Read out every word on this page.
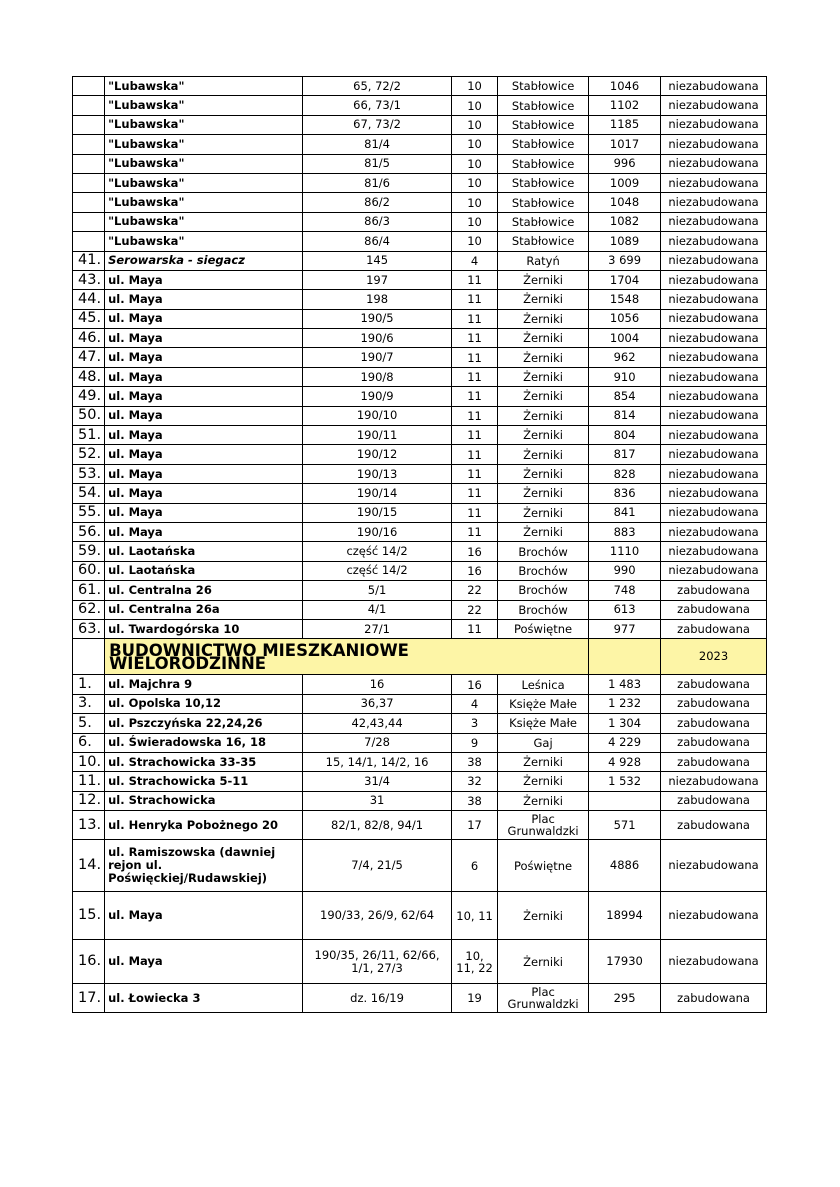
	"Lubawska"	65, 72/2	10	Stabłowice	1046	niezabudowana
	"Lubawska"	66, 73/1	10	Stabłowice	1102	niezabudowana
	"Lubawska"	67, 73/2	10	Stabłowice	1185	niezabudowana
	"Lubawska"	81/4	10	Stabłowice	1017	niezabudowana
	"Lubawska"	81/5	10	Stabłowice	996	niezabudowana
	"Lubawska"	81/6	10	Stabłowice	1009	niezabudowana
	"Lubawska"	86/2	10	Stabłowice	1048	niezabudowana
	"Lubawska"	86/3	10	Stabłowice	1082	niezabudowana
	"Lubawska"	86/4	10	Stabłowice	1089	niezabudowana
41.	Serowarska - siegacz	145	4	Ratyń	3 699	niezabudowana
43.	ul. Maya	197	11	Żerniki	1704	niezabudowana
44.	ul. Maya	198	11	Żerniki	1548	niezabudowana
45.	ul. Maya	190/5	11	Żerniki	1056	niezabudowana
46.	ul. Maya	190/6	11	Żerniki	1004	niezabudowana
47.	ul. Maya	190/7	11	Żerniki	962	niezabudowana
48.	ul. Maya	190/8	11	Żerniki	910	niezabudowana
49.	ul. Maya	190/9	11	Żerniki	854	niezabudowana
50.	ul. Maya	190/10	11	Żerniki	814	niezabudowana
51.	ul. Maya	190/11	11	Żerniki	804	niezabudowana
52.	ul. Maya	190/12	11	Żerniki	817	niezabudowana
53.	ul. Maya	190/13	11	Żerniki	828	niezabudowana
54.	ul. Maya	190/14	11	Żerniki	836	niezabudowana
55.	ul. Maya	190/15	11	Żerniki	841	niezabudowana
56.	ul. Maya	190/16	11	Żerniki	883	niezabudowana
59.	ul. Laotańska	część 14/2	16	Brochów	1110	niezabudowana
60.	ul. Laotańska	część 14/2	16	Brochów	990	niezabudowana
61.	ul. Centralna 26	5/1	22	Brochów	748	zabudowana
62.	ul. Centralna 26a	4/1	22	Brochów	613	zabudowana
63.	ul. Twardogórska 10	27/1	11	Poświętne	977	zabudowana
	BUDOWNICTWO MIESZKANIOWE WIELORODZINNE					2023
1.	ul. Majchra 9	16	16	Leśnica	1 483	zabudowana
3.	ul. Opolska 10,12	36,37	4	Księże Małe	1 232	zabudowana
5.	ul. Pszczyńska 22,24,26	42,43,44	3	Księże Małe	1 304	zabudowana
6.	ul. Świeradowska 16, 18	7/28	9	Gaj	4 229	zabudowana
10.	ul. Strachowicka 33-35	15, 14/1, 14/2, 16	38	Żerniki	4 928	zabudowana
11.	ul. Strachowicka 5-11	31/4	32	Żerniki	1 532	niezabudowana
12.	ul. Strachowicka	31	38	Żerniki		zabudowana
13.	ul. Henryka Pobożnego 20	82/1, 82/8, 94/1	17	Plac Grunwaldzki	571	zabudowana
14.	ul. Ramiszowska (dawniej rejon ul. Poświęckiej/Rudawskiej)	7/4, 21/5	6	Poświętne	4886	niezabudowana
15.	ul. Maya	190/33, 26/9, 62/64	10, 11	Żerniki	18994	niezabudowana
16.	ul. Maya	190/35, 26/11, 62/66, 1/1, 27/3	10, 11, 22	Żerniki	17930	niezabudowana
17.	ul. Łowiecka 3	dz. 16/19	19	Plac Grunwaldzki	295	zabudowana
